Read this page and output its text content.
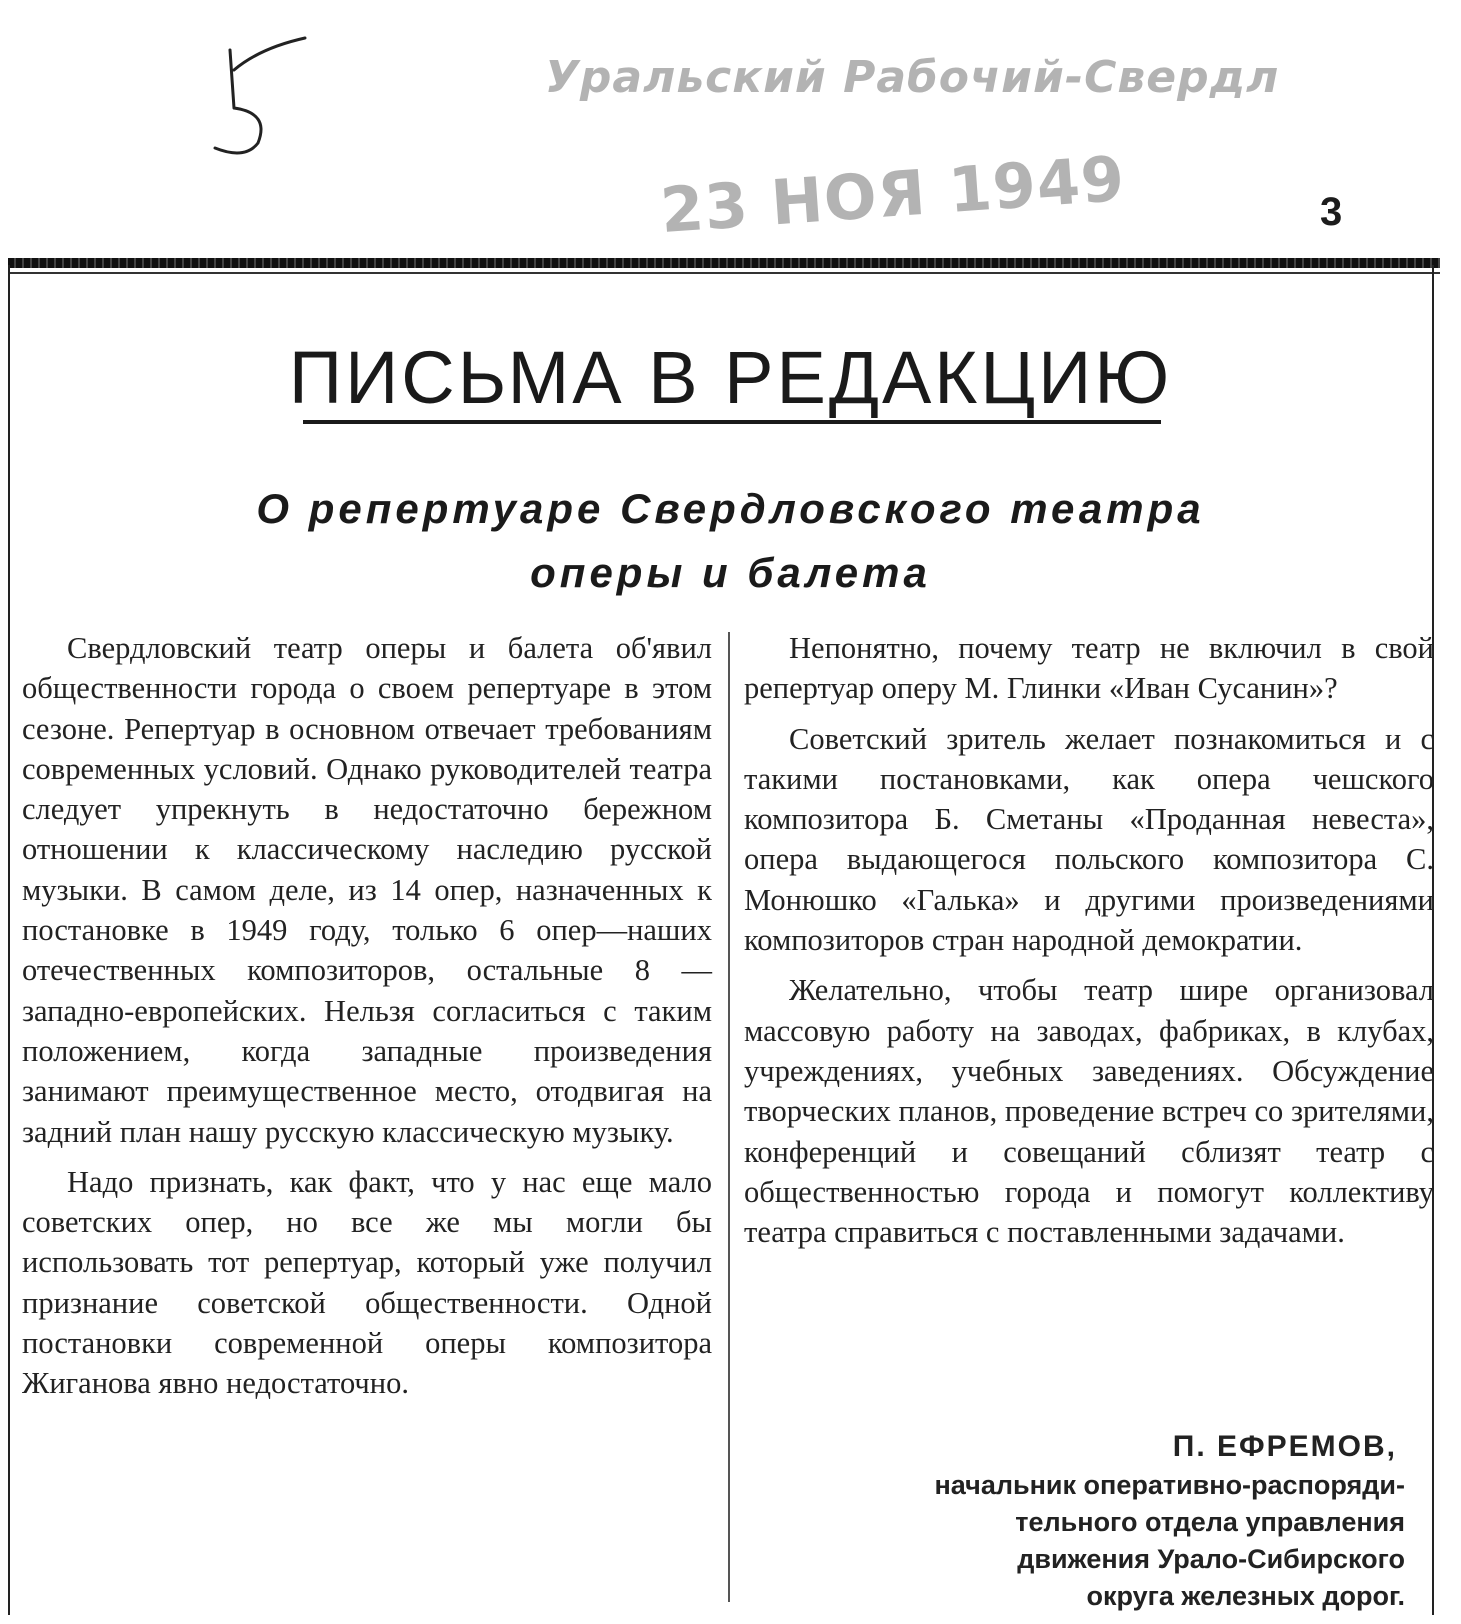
Уральский Рабочий-Свердл
23 НОЯ 1949	3
ПИСЬМА В РЕДАКЦИЮ
О репертуаре Свердловского театра
оперы и балета

Свердловский театр оперы и балета об'явил общественности города о своем репертуаре в этом сезоне. Репертуар в основном отвечает требованиям современных условий. Однако руководителей театра следует упрекнуть в недостаточно бережном отношении к классическому наследию русской музыки. В самом деле, из 14 опер, назначенных к постановке в 1949 году, только 6 опер—наших отечественных композиторов, остальные 8 — западно-европейских. Нельзя согласиться с таким положением, когда западные произведения занимают преимущественное место, отодвигая на задний план нашу русскую классическую музыку.

Надо признать, как факт, что у нас еще мало советских опер, но все же мы могли бы использовать тот репертуар, который уже получил признание советской общественности. Одной постановки современной оперы композитора Жиганова явно недостаточно.

Непонятно, почему театр не включил в свой репертуар оперу М. Глинки «Иван Сусанин»?

Советский зритель желает познакомиться и с такими постановками, как опера чешского композитора Б. Сметаны «Проданная невеста», опера выдающегося польского композитора С. Монюшко «Галька» и другими произведениями композиторов стран народной демократии.

Желательно, чтобы театр шире организовал массовую работу на заводах, фабриках, в клубах, учреждениях, учебных заведениях. Обсуждение творческих планов, проведение встреч со зрителями, конференций и совещаний сблизят театр с общественностью города и помогут коллективу театра справиться с поставленными задачами.

П. ЕФРЕМОВ,
начальник оперативно-распоряди-
тельного отдела управления
движения Урало-Сибирского
округа железных дорог.
